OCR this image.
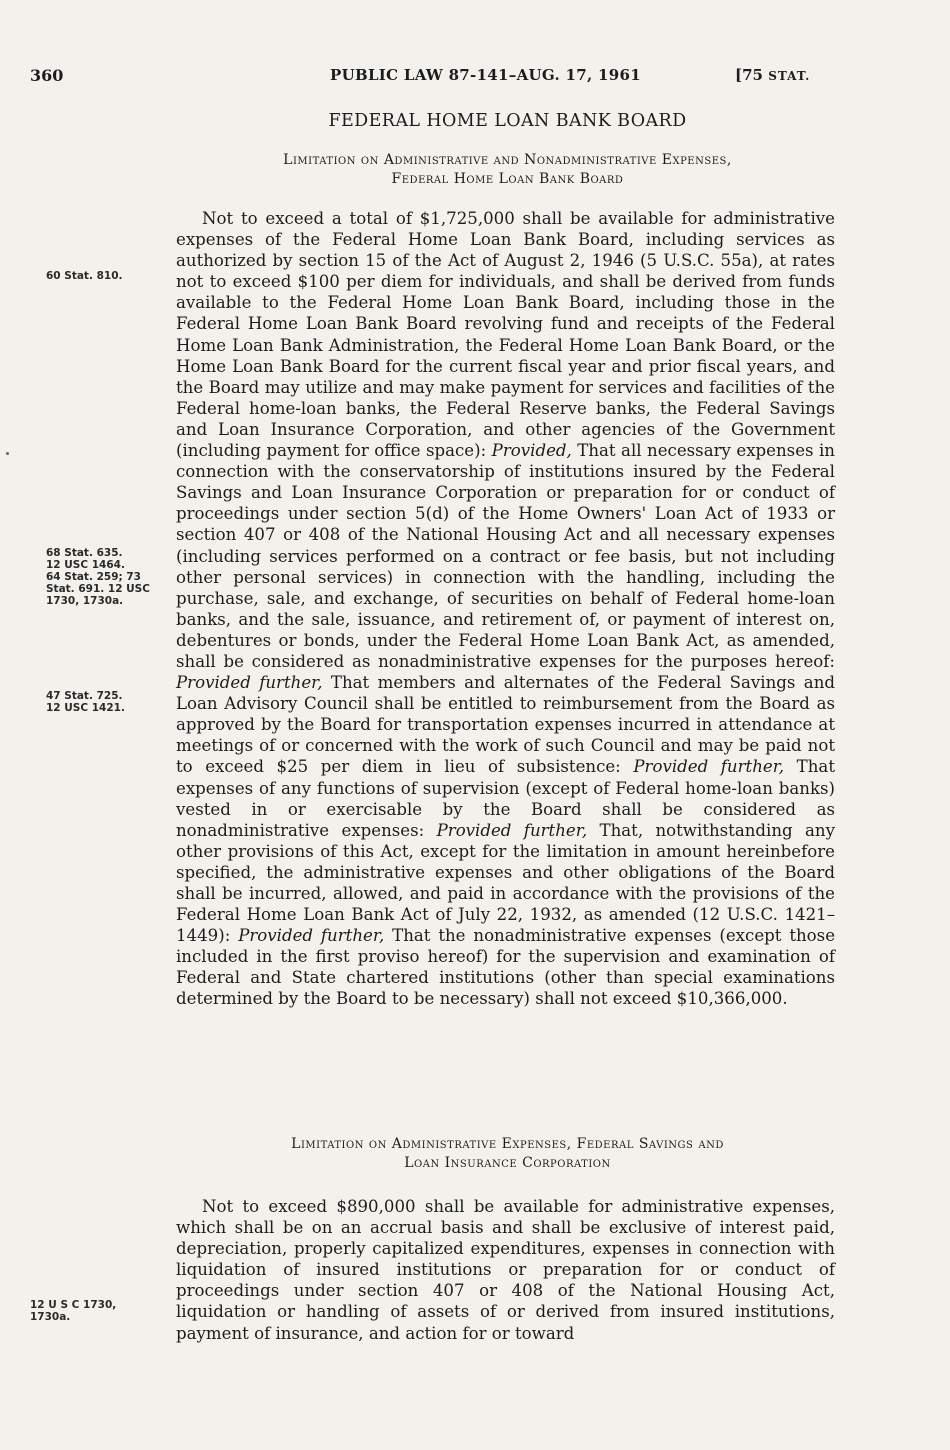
360	PUBLIC LAW 87-141–AUG. 17, 1961	[75 STAT.
FEDERAL HOME LOAN BANK BOARD
Limitation on Administrative and Nonadministrative Expenses,
Federal Home Loan Bank Board

Not to exceed a total of $1,725,000 shall be available for administrative expenses of the Federal Home Loan Bank Board, including services as authorized by section 15 of the Act of August 2, 1946 (5 U.S.C. 55a), at rates not to exceed $100 per diem for individuals, and shall be derived from funds available to the Federal Home Loan Bank Board, including those in the Federal Home Loan Bank Board revolving fund and receipts of the Federal Home Loan Bank Administration, the Federal Home Loan Bank Board, or the Home Loan Bank Board for the current fiscal year and prior fiscal years, and the Board may utilize and may make payment for services and facilities of the Federal home-loan banks, the Federal Reserve banks, the Federal Savings and Loan Insurance Corporation, and other agencies of the Government (including payment for office space): Provided, That all necessary expenses in connection with the conservatorship of institutions insured by the Federal Savings and Loan Insurance Corporation or preparation for or conduct of proceedings under section 5(d) of the Home Owners' Loan Act of 1933 or section 407 or 408 of the National Housing Act and all necessary expenses (including services performed on a contract or fee basis, but not including other personal services) in connection with the handling, including the purchase, sale, and exchange, of securities on behalf of Federal home-loan banks, and the sale, issuance, and retirement of, or payment of interest on, debentures or bonds, under the Federal Home Loan Bank Act, as amended, shall be considered as nonadministrative expenses for the purposes hereof: Provided further, That members and alternates of the Federal Savings and Loan Advisory Council shall be entitled to reimbursement from the Board as approved by the Board for transportation expenses incurred in attendance at meetings of or concerned with the work of such Council and may be paid not to exceed $25 per diem in lieu of subsistence: Provided further, That expenses of any functions of supervision (except of Federal home-loan banks) vested in or exercisable by the Board shall be considered as nonadministrative expenses: Provided further, That, notwithstanding any other provisions of this Act, except for the limitation in amount hereinbefore specified, the administrative expenses and other obligations of the Board shall be incurred, allowed, and paid in accordance with the provisions of the Federal Home Loan Bank Act of July 22, 1932, as amended (12 U.S.C. 1421–1449): Provided further, That the nonadministrative expenses (except those included in the first proviso hereof) for the supervision and examination of Federal and State chartered institutions (other than special examinations determined by the Board to be necessary) shall not exceed $10,366,000.

Limitation on Administrative Expenses, Federal Savings and
Loan Insurance Corporation

Not to exceed $890,000 shall be available for administrative expenses, which shall be on an accrual basis and shall be exclusive of interest paid, depreciation, properly capitalized expenditures, expenses in connection with liquidation of insured institutions or preparation for or conduct of proceedings under section 407 or 408 of the National Housing Act, liquidation or handling of assets of or derived from insured institutions, payment of insurance, and action for or toward

60 Stat. 810.
68 Stat. 635.
12 USC 1464.
64 Stat. 259; 73
Stat. 691. 12 USC
1730, 1730a.
47 Stat. 725.
12 USC 1421.
12 U S C 1730,
1730a.
